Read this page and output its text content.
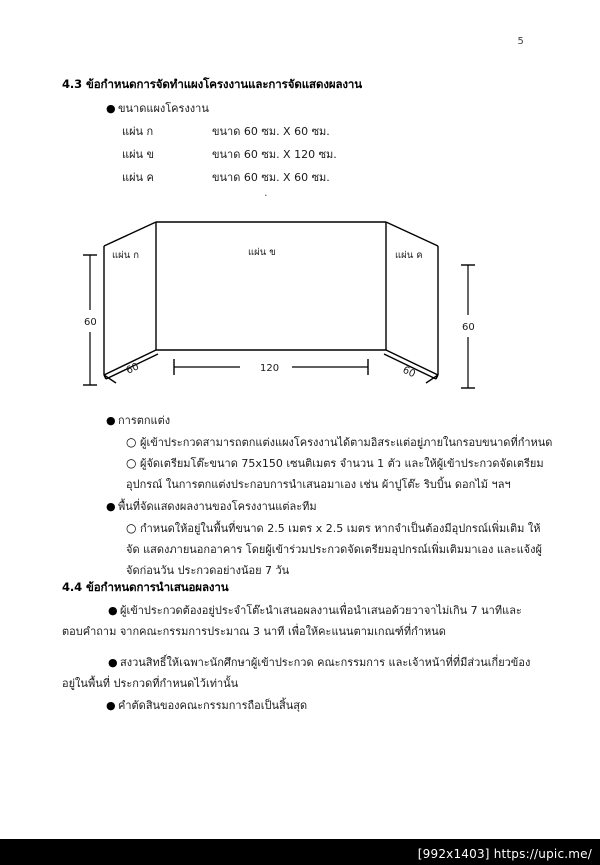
5
4.3 ข้อกำหนดการจัดทำแผงโครงงานและการจัดแสดงผลงาน
● ขนาดแผงโครงงาน
แผ่น ก	ขนาด 60 ซม. X 60 ซม.
แผ่น ข	ขนาด 60 ซม. X 120 ซม.
แผ่น ค	ขนาด 60 ซม. X 60 ซม.
.
แผ่น ก	แผ่น ข	แผ่น ค
60	60
120
60	60
● การตกแต่ง
○ ผู้เข้าประกวดสามารถตกแต่งแผงโครงงานได้ตามอิสระแต่อยู่ภายในกรอบขนาดที่กำหนด
○ ผู้จัดเตรียมโต๊ะขนาด 75x150 เซนติเมตร จำนวน 1 ตัว และให้ผู้เข้าประกวดจัดเตรียมอุปกรณ์ ในการตกแต่งประกอบการนำเสนอมาเอง เช่น ผ้าปูโต๊ะ ริบบิ้น ดอกไม้ ฯลฯ
● พื้นที่จัดแสดงผลงานของโครงงานแต่ละทีม
○ กำหนดให้อยู่ในพื้นที่ขนาด 2.5 เมตร x 2.5 เมตร หากจำเป็นต้องมีอุปกรณ์เพิ่มเติม ให้จัด แสดงภายนอกอาคาร โดยผู้เข้าร่วมประกวดจัดเตรียมอุปกรณ์เพิ่มเติมมาเอง และแจ้งผู้จัดก่อนวัน ประกวดอย่างน้อย 7 วัน
4.4 ข้อกำหนดการนำเสนอผลงาน
● ผู้เข้าประกวดต้องอยู่ประจำโต๊ะนำเสนอผลงานเพื่อนำเสนอด้วยวาจาไม่เกิน 7 นาทีและตอบคำถาม จากคณะกรรมการประมาณ 3 นาที เพื่อให้คะแนนตามเกณฑ์ที่กำหนด
● สงวนสิทธิ์ให้เฉพาะนักศึกษาผู้เข้าประกวด คณะกรรมการ และเจ้าหน้าที่ที่มีส่วนเกี่ยวข้องอยู่ในพื้นที่ ประกวดที่กำหนดไว้เท่านั้น
● คำตัดสินของคณะกรรมการถือเป็นสิ้นสุด
[992x1403] https://upic.me/
